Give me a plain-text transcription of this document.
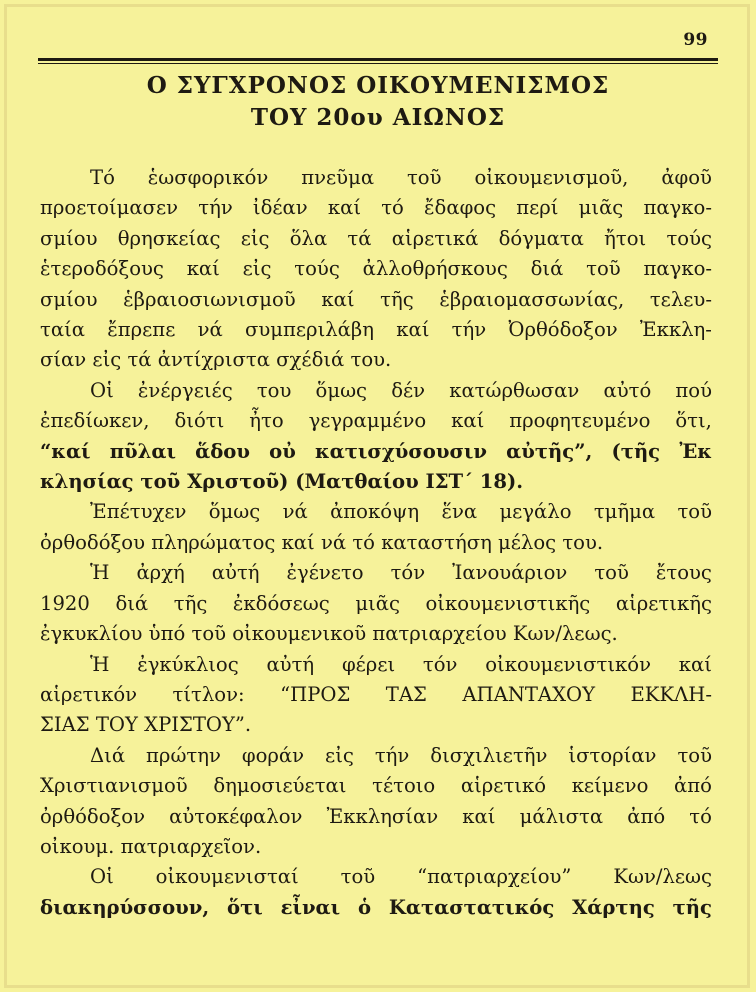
99
Ο ΣΥΓΧΡΟΝΟΣ ΟΙΚΟΥΜΕΝΙΣΜΟΣ
ΤΟΥ 20ου ΑΙΩΝΟΣ
Τό ἑωσφορικόν πνεῦμα τοῦ οἰκουμενισμοῦ, ἀφοῦ
προετοίμασεν τήν ἰδέαν καί τό ἔδαφος περί μιᾶς παγκο-
σμίου θρησκείας εἰς ὅλα τά αἱρετικά δόγματα ἤτοι τούς
ἑτεροδόξους καί εἰς τούς ἀλλοθρήσκους διά τοῦ παγκο-
σμίου ἑβραιοσιωνισμοῦ καί τῆς ἑβραιομασσωνίας, τελευ-
ταία ἔπρεπε νά συμπεριλάβη καί τήν Ὀρθόδοξον Ἐκκλη-
σίαν εἰς τά ἀντίχριστα σχέδιά του.
Οἱ ἐνέργειές του ὅμως δέν κατώρθωσαν αὐτό πού
ἐπεδίωκεν, διότι ἦτο γεγραμμένο καί προφητευμένο ὅτι,
“καί πῦλαι ἅδου οὐ κατισχύσουσιν αὐτῆς”, (τῆς Ἐκ
κλησίας τοῦ Χριστοῦ) (Ματθαίου ΙΣΤ΄ 18).
Ἐπέτυχεν ὅμως νά ἀποκόψη ἕνα μεγάλο τμῆμα τοῦ
ὀρθοδόξου πληρώματος καί νά τό καταστήση μέλος του.
Ἡ ἀρχή αὐτή ἐγένετο τόν Ἰανουάριον τοῦ ἔτους
1920 διά τῆς ἐκδόσεως μιᾶς οἰκουμενιστικῆς αἱρετικῆς
ἐγκυκλίου ὑπό τοῦ οἰκουμενικοῦ πατριαρχείου Κων/λεως.
Ἡ ἐγκύκλιος αὐτή φέρει τόν οἰκουμενιστικόν καί
αἱρετικόν τίτλον: “ΠΡΟΣ ΤΑΣ ΑΠΑΝΤΑΧΟΥ ΕΚΚΛΗ-
ΣΙΑΣ ΤΟΥ ΧΡΙΣΤΟΥ”.
Διά πρώτην φοράν εἰς τήν δισχιλιετῆν ἱστορίαν τοῦ
Χριστιανισμοῦ δημοσιεύεται τέτοιο αἱρετικό κείμενο ἀπό
ὀρθόδοξον αὐτοκέφαλον Ἐκκλησίαν καί μάλιστα ἀπό τό
οἰκουμ. πατριαρχεῖον.
Οἱ οἰκουμενισταί τοῦ “πατριαρχείου” Κων/λεως
διακηρύσσουν, ὅτι εἶναι ὁ Καταστατικός Χάρτης τῆς
